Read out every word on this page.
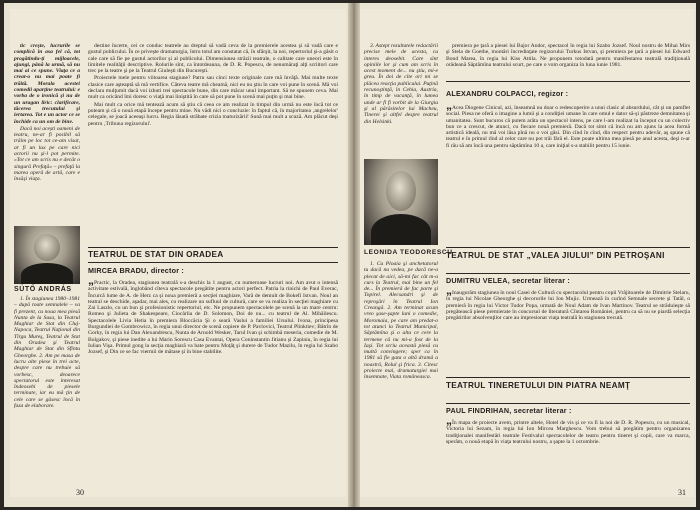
tic creşte, lucrurile se complică în asa fel că, tot progătindu-ţi mijloacele, ajungi, până la urmă, să nu mai ai ce spune. Viaţa ce a creat-o nu mai poate fi trăită. Morala acestei comedii aparţine teatrului: e vorba de o ironică şi nu de un uragan liric: clarificare, tăcerea trecutului şi iertarea. Tot e un actor ce se închide ca un om de bine.

Dacă noi acești oameni de teatru, ne-ar fi posibil să trăim pe loc tot ce-am visat, ar fi un lux pe care nici actorii nu şi-l pot permite. «Tot ce am scris nu e decât o singură Prefaţă» – prefaţă la marea operă de artă, care e însăşi viaţa.

SÜTŐ ANDRÁS

1. În stagiunea 1980–1981 – după toate semnalele – va fi prezent, cu noua mea piesă Nunta de la Susa, la Teatrul Maghiar de Stat din Cluj-Napoca, Teatrul Naţional din Tîrgu Mureş, Teatrul de Stat din Oradea şi Teatrul Maghiar de Stat din Sfîntu Gheorghe. 2. Am pe masa de lucru alte piese în trei acte, despre care nu trebuie să vorbesc, deoarece spectatorul este interesat îndeosebi de piesele terminate, iar eu mă ţin de cele care se găsesc încă în faza de elaborare.

destine încerte, cei ce conduc teatrele au dreptul să vadă ceva de la premierele acestea şi să vadă care e gustul publicului. În ce priveşte dramaturgia, întru totul am constatat că, în sfârşit, la noi, repertoriul şi-a găsit o cale care să fie pe gustul actorilor şi al publicului. Dimensiunea străzii teatrale, o calitate care uneori este în limitele realităţii descriptive. Rolurile sînt, ca întotdeauna, de D. R. Popescu, de nenumăraţi alţi scriitori care trec pe la teatre şi pe la Teatrul Giuleşti din Bucureşti.

Proiectele mele pentru viitoarea stagiune? Patru sau cinci texte originale care mă învăţă. Mai multe texte clasice care aşteaptă să mă vertifice. Câteva teatre mă cheamă, nici eu nu ştiu în care voi pune în scenă. Mă voi declara mulţumit dacă voi izbuti trei spectacole bune, din care măcar unul important. Să ne spunem ceva. Mai mult ca oricând îmi doresc o viaţă mai liniştită în care să pot pune în scenă mai puţin şi mai bine.

Mai mult ca orice mă tentează acum să ştiu că ceea ce am realizat în timpul din urmă nu este încă tot ce puteam şi că o nouă etapă începe pentru mine. Nu vădi nici o concluzie: în faptul că, în majoritatea ‚angrelelor' celegale, se joacă aceeaşi lucru. Regia lăsată străbate crizia maturizării! Sună mai mult a scuză. Am plăcut deşi pentru ‚Tribuna regizorului'.

TEATRUL DE STAT DIN ORADEA
MIRCEA BRADU, director :

„Practic, la Oradea, stagiunea teatrală s-a deschis la 1 august, cu numeroase lucruri noi. Am avut o intensă activitate estivală, înglobând cîteva spectacole pregătite pentru actori perfect. Patria la rinichi de Paul Everac, Încurcă lume de A. de Herz ca şi noua premieră a secţiei maghiare, Vară de demult de Bokefi Istvan. Noul an teatral se deschide, aşadar, mai ales, cu realizare un sufluul de cultură, care se va realiza în secţiei maghiare cu Zai Laszlo, cu un bun şi profesionistic repertoriul, etc. Ne propunem spectacolele pe scenă la un mare centru: Romeo şi Julieta de Shakespeare, Ciocârlia de D. Solomon, Doi de nu... cu teatrul de Al. Mihăilescu. Spectacolele Livia Hetia în premiera Bloccăcia Şi o seară Vaslui a familiei Ursului. Ivona, principesa Burgundiei de Gombrowicz, în regia unui director de scenă copiere de P. Pavlovici, Teatrul Plinktiev; Bătrîn de Gorky, în regia lui Dan Alexandrescu, Nunta de Arnold Wesker, Tarul Ivan şi schimbă meseria, comedie de M. Bulgakov, şi piese inedite a lui Marin Sorescu Casa Evantai, Opera Coninstantin Jitianu şi Zapiniu, în regia lui Iulian Vişa. Primul gong la secţia maghiară va bate pentru Moţăţ şi durere de Tudor Mazilu, în regia lui Szabo Jozsef, şi Din ce se fac viermii de mătase şi în bine stabilite.

30

3. Astept rezultatele redactării precise mele de acesta, cu interes deosebit. Care sînt opiniile lor şi cum am scris în acest moment de... nu ştiu, mi-e greu. În doi de cîte ori mi se plăcea reacţia publicului. Puţină recunoştinţă, în Cehia, Austria, în timp de vacanţă, în lumea unde ar fi fi vorbit de la Giurgiu şi al părăsitelor lui Macheu, Tinerei şi altfel despre teatrul din Helsinki.

LEONIDA TEODORESCU

1. Cu Ploaia şi anchetatorul tu dacă nu vedea, pe dacă ne-a plecat de aici, să-mi fac cât m-a curs la Teatrul, mai bine un fel de... În premieră de fac parte şi Topirel. Alecsandri şi de reproşări în Teatrul Ion Creangă. 2. Am terminat acum vreo şase-şapte luni o comedie, Moromaia, pe care am predat-o tot atunci la Teatrul Municipal, Săptămîna şi o alta ce cere la termene că nu mi-a fost de la Iaşi. Tot scriu această piesă cu multă convingere; sper ca în 1981 să fie gata o altă dramă a noastră, Rolul şi frica. 3. Citesc proiecte mai, dramaturgiei mai însemnate, Viata româneasca.

premiera pe ţară a piesei lui Bajor Andor, spectacol în regia lui Szabo Jozsef. Noul nostru de Mihai Mirs şi Stela de Goethe, montări încredinţate regizorului Turkus Istvan, şi premiera pe ţară a piesei lui Edward Bond Marea, în regia lui Kiss Attila. Ne propunem totodată pentru manifestarea teatrală tradiţională orădeană Săptămîna teatrului scurt, pe care o vom organiza în luna iunie 1981.

ALEXANDRU COLPACCI, regizor :

„Acea Diogene Cinicul, azi, înseamnă nu doar o redescoperire a unui clasic al absurdului, cât şi un pamflet social. Piesa ne oferă o imagine a lumii şi a condiţiei umane în care omul e dator să-şi păstreze demnitatea şi umanitatea. Sunt bucuros că putem arăta un spectacol intens, pe care l-am realizat la început cu un colectiv bun ce a crescut, de atunci, cu fiecare nouă premieră. Dacă tot simt că încă nu am ajuns la acea formă artistică ideală, nu mă voi lăsa pînă nu o voi găsi. Din cînd în cînd, din respect pentru adevăr, aş spune că teatrul e în primul rînd al celor care nu pot trăi fără el. Este poate ultima mea piesă pe anul acesta, deşi n-ar fi rău să am încă una pentru săptămîna 10 a, care iniţial s-a stabilit pentru 15 iunie.

TEATRUL DE STAT „VALEA JIULUI” DIN PETROŞANI
DUMITRU VELEA, secretar literar :

„Inaugurăm stagiunea în noul Casei de Cultură cu spectacolul pentru copii Vrăjitoarele de Dimitrie Stelaru, în regia lui Nicolae Gheorghe şi decorurile lui Ion Mujic. Urmează în curînd Semnale secrete şi Tatăl, o premieră în regia lui Victor Tudor Popa, urmată de Noul Adam de Ivan Martinov. Teatrul se străduieşte să pregătească piese premierate în concursul de literatură Cîntarea României, pentru ca să nu se piardă selecţia pregătirilor absolvenţilor care au impresionat viaţa teatrală în stagiunea trecută.

TEATRUL TINERETULUI DIN PIATRA NEAMŢ
PAUL FINDRIHAN, secretar literar :

„În mapa de proiecte avem, printre altele, Hotel de vis şi ce va fi la noi de D. R. Popescu, cu un musical, Victoria lui Sezam, în regia lui Ion Mircea Marghescu. Vom trebui să pregătim pentru organizarea tradiţionalei manifestări teatrale Festivalul spectacolelor de teatru pentru tineret şi copii, care va marca, sperăm, o nouă etapă în viaţa teatrului nostru, a şapte la 1 octombrie.

31
